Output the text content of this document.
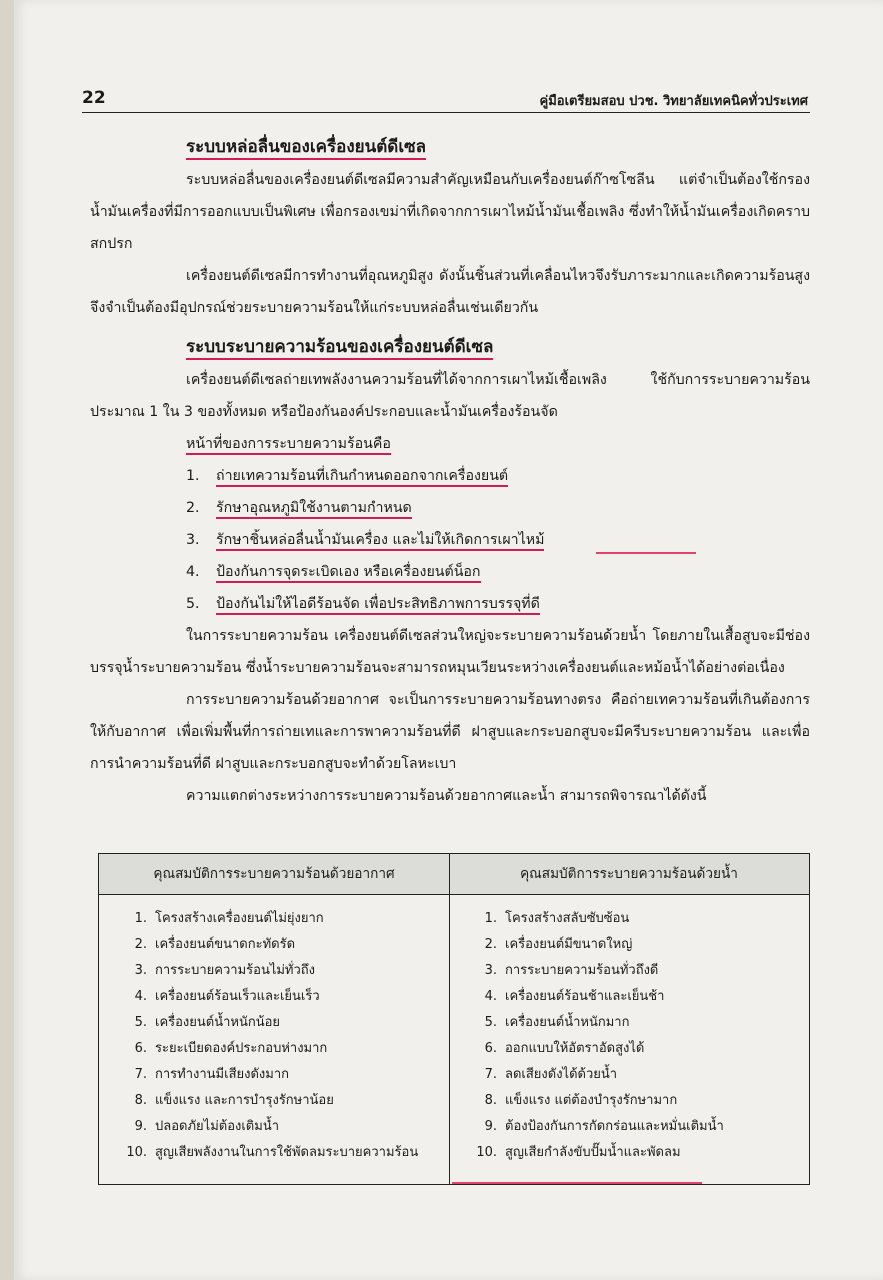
22	คู่มือเตรียมสอบ ปวช. วิทยาลัยเทคนิคทั่วประเทศ
ระบบหล่อลื่นของเครื่องยนต์ดีเซล

ระบบหล่อลื่นของเครื่องยนต์ดีเซลมีความสำคัญเหมือนกับเครื่องยนต์ก๊าซโซลีน แต่จำเป็นต้องใช้กรองน้ำมันเครื่องที่มีการออกแบบเป็นพิเศษ เพื่อกรองเขม่าที่เกิดจากการเผาไหม้น้ำมันเชื้อเพลิง ซึ่งทำให้น้ำมันเครื่องเกิดคราบสกปรก

เครื่องยนต์ดีเซลมีการทำงานที่อุณหภูมิสูง ดังนั้นชิ้นส่วนที่เคลื่อนไหวจึงรับภาระมากและเกิดความร้อนสูง จึงจำเป็นต้องมีอุปกรณ์ช่วยระบายความร้อนให้แก่ระบบหล่อลื่นเช่นเดียวกัน

ระบบระบายความร้อนของเครื่องยนต์ดีเซล

เครื่องยนต์ดีเซลถ่ายเทพลังงานความร้อนที่ได้จากการเผาไหม้เชื้อเพลิง ใช้กับการระบายความร้อนประมาณ 1 ใน 3 ของทั้งหมด หรือป้องกันองค์ประกอบและน้ำมันเครื่องร้อนจัด

หน้าที่ของการระบายความร้อนคือ
1. ถ่ายเทความร้อนที่เกินกำหนดออกจากเครื่องยนต์
2. รักษาอุณหภูมิใช้งานตามกำหนด
3. รักษาชิ้นหล่อลื่นน้ำมันเครื่อง และไม่ให้เกิดการเผาไหม้
4. ป้องกันการจุดระเบิดเอง หรือเครื่องยนต์น็อก
5. ป้องกันไม่ให้ไอดีร้อนจัด เพื่อประสิทธิภาพการบรรจุที่ดี

ในการระบายความร้อน เครื่องยนต์ดีเซลส่วนใหญ่จะระบายความร้อนด้วยน้ำ โดยภายในเสื้อสูบจะมีช่องบรรจุน้ำระบายความร้อน ซึ่งน้ำระบายความร้อนจะสามารถหมุนเวียนระหว่างเครื่องยนต์และหม้อน้ำได้อย่างต่อเนื่อง

การระบายความร้อนด้วยอากาศ จะเป็นการระบายความร้อนทางตรง คือถ่ายเทความร้อนที่เกินต้องการให้กับอากาศ เพื่อเพิ่มพื้นที่การถ่ายเทและการพาความร้อนที่ดี ฝาสูบและกระบอกสูบจะมีครีบระบายความร้อน และเพื่อการนำความร้อนที่ดี ฝาสูบและกระบอกสูบจะทำด้วยโลหะเบา

ความแตกต่างระหว่างการระบายความร้อนด้วยอากาศและน้ำ สามารถพิจารณาได้ดังนี้

คุณสมบัติการระบายความร้อนด้วยอากาศ	คุณสมบัติการระบายความร้อนด้วยน้ำ
1. โครงสร้างเครื่องยนต์ไม่ยุ่งยาก
2. เครื่องยนต์ขนาดกะทัดรัด
3. การระบายความร้อนไม่ทั่วถึง
4. เครื่องยนต์ร้อนเร็วและเย็นเร็ว
5. เครื่องยนต์น้ำหนักน้อย
6. ระยะเบียดองค์ประกอบห่างมาก
7. การทำงานมีเสียงดังมาก
8. แข็งแรง และการบำรุงรักษาน้อย
9. ปลอดภัยไม่ต้องเติมน้ำ
10. สูญเสียพลังงานในการใช้พัดลมระบายความร้อน
1. โครงสร้างสลับซับซ้อน
2. เครื่องยนต์มีขนาดใหญ่
3. การระบายความร้อนทั่วถึงดี
4. เครื่องยนต์ร้อนช้าและเย็นช้า
5. เครื่องยนต์น้ำหนักมาก
6. ออกแบบให้อัตราอัดสูงได้
7. ลดเสียงดังได้ด้วยน้ำ
8. แข็งแรง แต่ต้องบำรุงรักษามาก
9. ต้องป้องกันการกัดกร่อนและหมั่นเติมน้ำ
10. สูญเสียกำลังขับปั๊มน้ำและพัดลม
